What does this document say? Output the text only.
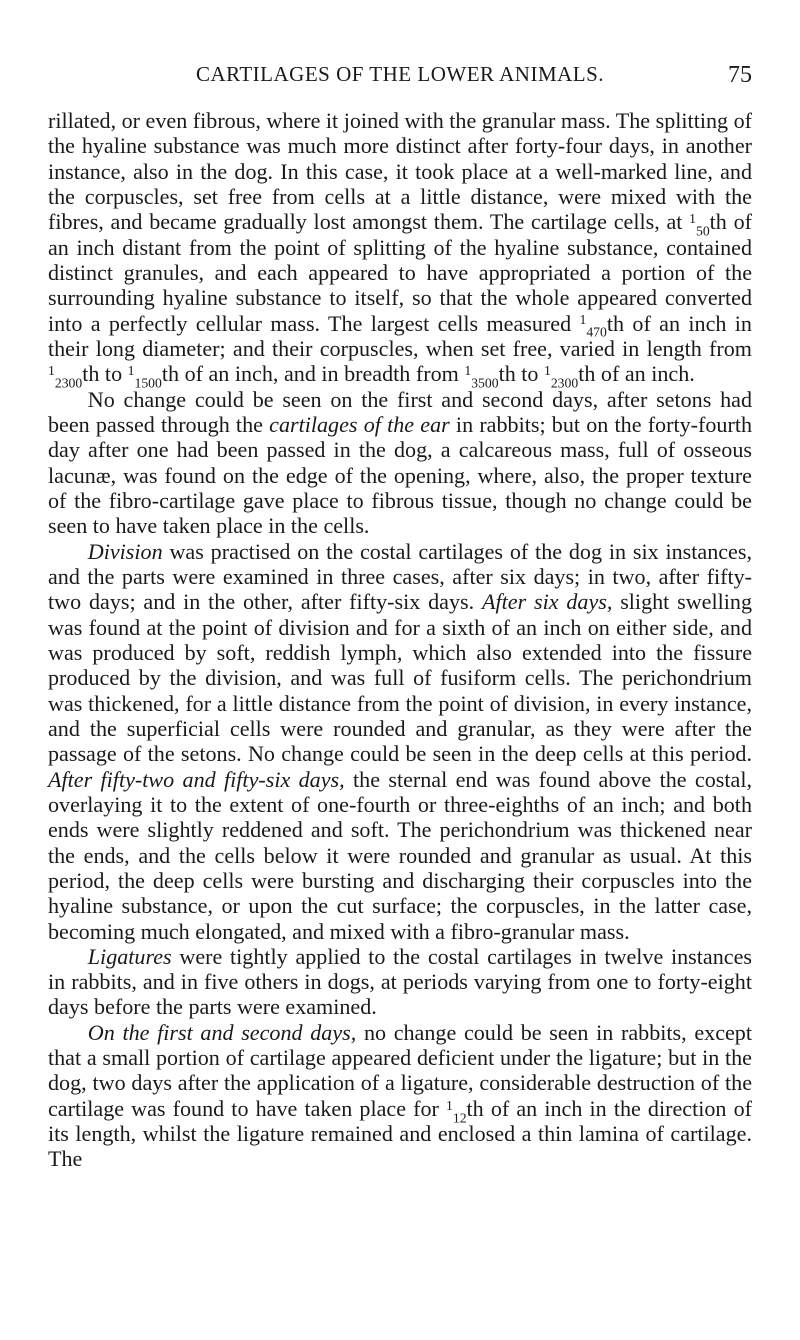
CARTILAGES OF THE LOWER ANIMALS.	75

rillated, or even fibrous, where it joined with the granular mass. The splitting of the hyaline substance was much more distinct after forty-four days, in another instance, also in the dog. In this case, it took place at a well-marked line, and the corpuscles, set free from cells at a little distance, were mixed with the fibres, and became gradually lost amongst them. The cartilage cells, at $^{1_{50}}$th of an inch distant from the point of splitting of the hyaline substance, contained distinct granules, and each appeared to have appropriated a portion of the surrounding hyaline substance to itself, so that the whole appeared converted into a perfectly cellular mass. The largest cells measured $^{1_{470}}$th of an inch in their long diameter; and their corpuscles, when set free, varied in length from $^{1_{2300}}$th to $^{1_{1500}}$th of an inch, and in breadth from $^{1_{3500}}$th to $^{1_{2300}}$th of an inch.

No change could be seen on the first and second days, after setons had been passed through the cartilages of the ear in rabbits; but on the forty-fourth day after one had been passed in the dog, a calcareous mass, full of osseous lacunæ, was found on the edge of the opening, where, also, the proper texture of the fibro-cartilage gave place to fibrous tissue, though no change could be seen to have taken place in the cells.

Division was practised on the costal cartilages of the dog in six instances, and the parts were examined in three cases, after six days; in two, after fifty-two days; and in the other, after fifty-six days. After six days, slight swelling was found at the point of division and for a sixth of an inch on either side, and was produced by soft, reddish lymph, which also extended into the fissure produced by the division, and was full of fusiform cells. The perichondrium was thickened, for a little distance from the point of division, in every instance, and the superficial cells were rounded and granular, as they were after the passage of the setons. No change could be seen in the deep cells at this period. After fifty-two and fifty-six days, the sternal end was found above the costal, overlaying it to the extent of one-fourth or three-eighths of an inch; and both ends were slightly reddened and soft. The perichondrium was thickened near the ends, and the cells below it were rounded and granular as usual. At this period, the deep cells were bursting and discharging their corpuscles into the hyaline substance, or upon the cut surface; the corpuscles, in the latter case, becoming much elongated, and mixed with a fibro-granular mass.

Ligatures were tightly applied to the costal cartilages in twelve instances in rabbits, and in five others in dogs, at periods varying from one to forty-eight days before the parts were examined.

On the first and second days, no change could be seen in rabbits, except that a small portion of cartilage appeared deficient under the ligature; but in the dog, two days after the application of a ligature, considerable destruction of the cartilage was found to have taken place for $^{1_{12}}$th of an inch in the direction of its length, whilst the ligature remained and enclosed a thin lamina of cartilage. The
